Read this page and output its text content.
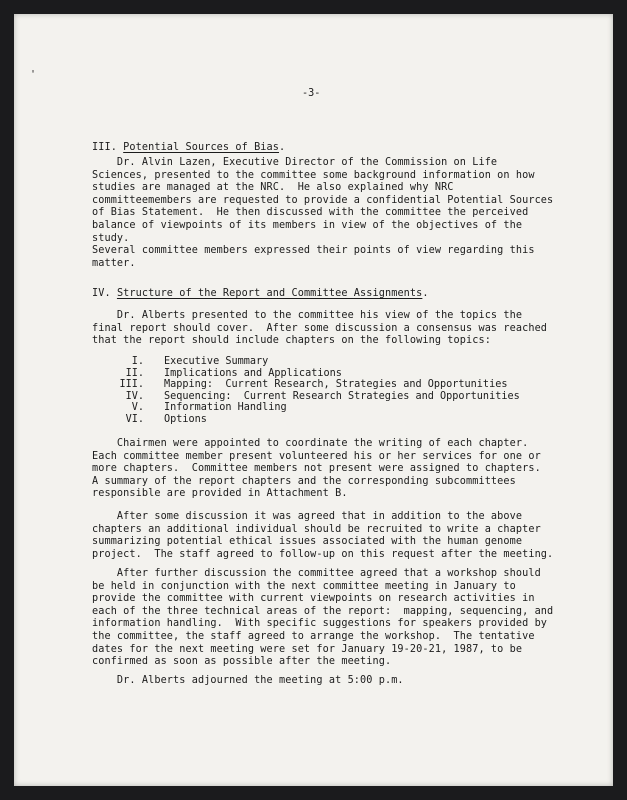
'
-3-
III. Potential Sources of Bias.
Dr. Alvin Lazen, Executive Director of the Commission on Life
Sciences, presented to the committee some background information on how
studies are managed at the NRC.  He also explained why NRC
committeemembers are requested to provide a confidential Potential Sources
of Bias Statement.  He then discussed with the committee the perceived
balance of viewpoints of its members in view of the objectives of the
study.
Several committee members expressed their points of view regarding this
matter.
IV. Structure of the Report and Committee Assignments.
Dr. Alberts presented to the committee his view of the topics the
final report should cover.  After some discussion a consensus was reached
that the report should include chapters on the following topics:
I. Executive Summary
II. Implications and Applications
III. Mapping:  Current Research, Strategies and Opportunities
IV. Sequencing:  Current Research Strategies and Opportunities
V. Information Handling
VI. Options
Chairmen were appointed to coordinate the writing of each chapter.
Each committee member present volunteered his or her services for one or
more chapters.  Committee members not present were assigned to chapters.
A summary of the report chapters and the corresponding subcommittees
responsible are provided in Attachment B.
After some discussion it was agreed that in addition to the above
chapters an additional individual should be recruited to write a chapter
summarizing potential ethical issues associated with the human genome
project.  The staff agreed to follow-up on this request after the meeting.
After further discussion the committee agreed that a workshop should
be held in conjunction with the next committee meeting in January to
provide the committee with current viewpoints on research activities in
each of the three technical areas of the report:  mapping, sequencing, and
information handling.  With specific suggestions for speakers provided by
the committee, the staff agreed to arrange the workshop.  The tentative
dates for the next meeting were set for January 19-20-21, 1987, to be
confirmed as soon as possible after the meeting.
Dr. Alberts adjourned the meeting at 5:00 p.m.
